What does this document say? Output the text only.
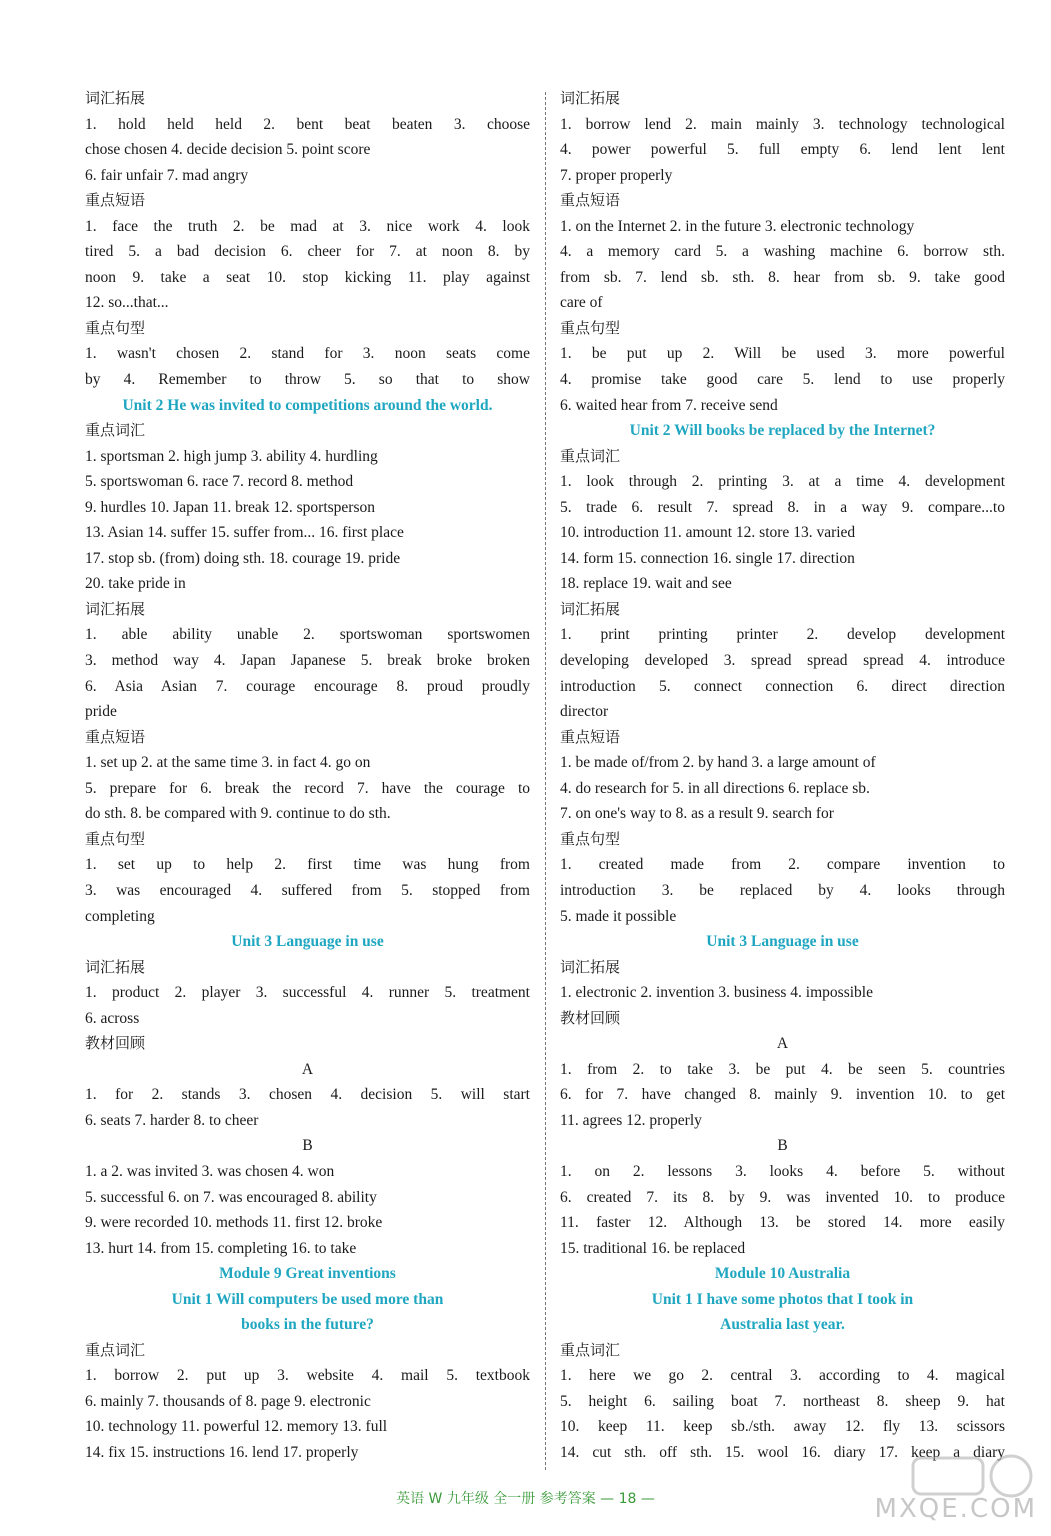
词汇拓展
1. hold held held 2. bent beat beaten 3. choose
chose chosen 4. decide decision 5. point score
6. fair unfair 7. mad angry
重点短语
1. face the truth 2. be mad at 3. nice work 4. look
tired 5. a bad decision 6. cheer for 7. at noon 8. by
noon 9. take a seat 10. stop kicking 11. play against
12. so...that...
重点句型
1. wasn't chosen 2. stand for 3. noon seats come
by 4. Remember to throw 5. so that to show
Unit 2 He was invited to competitions around the world.
重点词汇
1. sportsman 2. high jump 3. ability 4. hurdling
5. sportswoman 6. race 7. record 8. method
9. hurdles 10. Japan 11. break 12. sportsperson
13. Asian 14. suffer 15. suffer from... 16. first place
17. stop sb. (from) doing sth. 18. courage 19. pride
20. take pride in
词汇拓展
1. able ability unable 2. sportswoman sportswomen
3. method way 4. Japan Japanese 5. break broke broken
6. Asia Asian 7. courage encourage 8. proud proudly
pride
重点短语
1. set up 2. at the same time 3. in fact 4. go on
5. prepare for 6. break the record 7. have the courage to
do sth. 8. be compared with 9. continue to do sth.
重点句型
1. set up to help 2. first time was hung from
3. was encouraged 4. suffered from 5. stopped from
completing
Unit 3 Language in use
词汇拓展
1. product 2. player 3. successful 4. runner 5. treatment
6. across
教材回顾
A
1. for 2. stands 3. chosen 4. decision 5. will start
6. seats 7. harder 8. to cheer
B
1. a 2. was invited 3. was chosen 4. won
5. successful 6. on 7. was encouraged 8. ability
9. were recorded 10. methods 11. first 12. broke
13. hurt 14. from 15. completing 16. to take
Module 9 Great inventions
Unit 1 Will computers be used more than
books in the future?
重点词汇
1. borrow 2. put up 3. website 4. mail 5. textbook
6. mainly 7. thousands of 8. page 9. electronic
10. technology 11. powerful 12. memory 13. full
14. fix 15. instructions 16. lend 17. properly
词汇拓展
1. borrow lend 2. main mainly 3. technology technological
4. power powerful 5. full empty 6. lend lent lent
7. proper properly
重点短语
1. on the Internet 2. in the future 3. electronic technology
4. a memory card 5. a washing machine 6. borrow sth.
from sb. 7. lend sb. sth. 8. hear from sb. 9. take good
care of
重点句型
1. be put up 2. Will be used 3. more powerful
4. promise take good care 5. lend to use properly
6. waited hear from 7. receive send
Unit 2 Will books be replaced by the Internet?
重点词汇
1. look through 2. printing 3. at a time 4. development
5. trade 6. result 7. spread 8. in a way 9. compare...to
10. introduction 11. amount 12. store 13. varied
14. form 15. connection 16. single 17. direction
18. replace 19. wait and see
词汇拓展
1. print printing printer 2. develop development
developing developed 3. spread spread spread 4. introduce
introduction 5. connect connection 6. direct direction
director
重点短语
1. be made of/from 2. by hand 3. a large amount of
4. do research for 5. in all directions 6. replace sb.
7. on one's way to 8. as a result 9. search for
重点句型
1. created made from 2. compare invention to
introduction 3. be replaced by 4. looks through
5. made it possible
Unit 3 Language in use
词汇拓展
1. electronic 2. invention 3. business 4. impossible
教材回顾
A
1. from 2. to take 3. be put 4. be seen 5. countries
6. for 7. have changed 8. mainly 9. invention 10. to get
11. agrees 12. properly
B
1. on 2. lessons 3. looks 4. before 5. without
6. created 7. its 8. by 9. was invented 10. to produce
11. faster 12. Although 13. be stored 14. more easily
15. traditional 16. be replaced
Module 10 Australia
Unit 1 I have some photos that I took in
Australia last year.
重点词汇
1. here we go 2. central 3. according to 4. magical
5. height 6. sailing boat 7. northeast 8. sheep 9. hat
10. keep 11. keep sb./sth. away 12. fly 13. scissors
14. cut sth. off sth. 15. wool 16. diary 17. keep a diary
英语 W 九年级 全一册 参考答案 — 18 —	MXQE.COM
